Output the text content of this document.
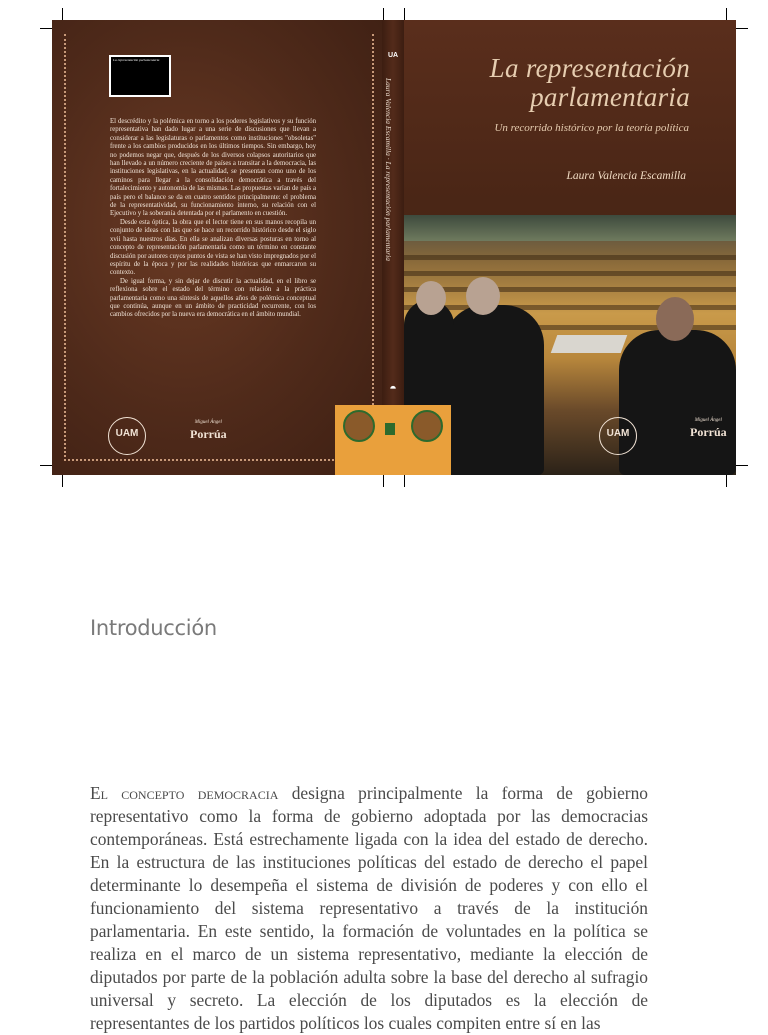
La representación parlamentaria

El descrédito y la polémica en torno a los poderes legislativos y su función representativa han dado lugar a una serie de discusiones que llevan a considerar a las legislaturas o parlamentos como instituciones "obsoletas" frente a los cambios producidos en los últimos tiempos. Sin embargo, hoy no podemos negar que, después de los diversos colapsos autoritarios que han llevado a un número creciente de países a transitar a la democracia, las instituciones legislativas, en la actualidad, se presentan como uno de los caminos para llegar a la consolidación democrática a través del fortalecimiento y autonomía de las mismas. Las propuestas varían de país a país pero el balance se da en cuatro sentidos principalmente: el problema de la representatividad, su funcionamiento interno, su relación con el Ejecutivo y la soberanía detentada por el parlamento en cuestión.

Desde esta óptica, la obra que el lector tiene en sus manos recopila un conjunto de ideas con las que se hace un recorrido histórico desde el siglo xvii hasta nuestros días. En ella se analizan diversas posturas en torno al concepto de representación parlamentaria como un término en constante discusión por autores cuyos puntos de vista se han visto impregnados por el espíritu de la época y por las realidades históricas que enmarcaron su contexto.

De igual forma, y sin dejar de discutir la actualidad, en el libro se reflexiona sobre el estado del término con relación a la práctica parlamentaria como una síntesis de aquellos años de polémica conceptual que continúa, aunque en un ámbito de practicidad recurrente, con los cambios ofrecidos por la nueva era democrática en el ámbito mundial.

UAM
Miguel Ángel
Porrúa
UA
Laura Valencia Escamilla · La representación parlamentaria
⯊
La representación
parlamentaria
Un recorrido histórico por la teoría política
Laura Valencia Escamilla
UAM
Miguel Ángel
Porrúa
Introducción
El concepto democracia designa principalmente la forma de gobierno representativo como la forma de gobierno adoptada por las democracias contemporáneas. Está estrechamente ligada con la idea del estado de derecho. En la estructura de las instituciones políticas del estado de derecho el papel determinante lo desempeña el sistema de división de poderes y con ello el funcionamiento del sistema representativo a través de la institución parlamentaria. En este sentido, la formación de voluntades en la política se realiza en el marco de un sistema representativo, mediante la elección de diputados por parte de la población adulta sobre la base del derecho al sufragio universal y secreto. La elección de los diputados es la elección de representantes de los partidos políticos los cuales compiten entre sí en las
